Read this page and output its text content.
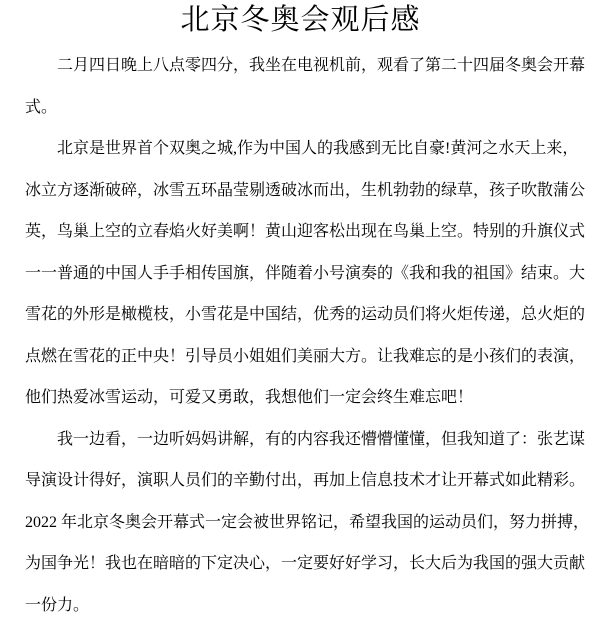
北京冬奥会观后感
二月四日晚上八点零四分，我坐在电视机前，观看了第二十四届冬奥会开幕
式。
北京是世界首个双奥之城,作为中国人的我感到无比自豪!黄河之水天上来，
冰立方逐渐破碎，冰雪五环晶莹剔透破冰而出，生机勃勃的绿草，孩子吹散蒲公
英，鸟巢上空的立春焰火好美啊！黄山迎客松出现在鸟巢上空。特别的升旗仪式
一一普通的中国人手手相传国旗，伴随着小号演奏的《我和我的祖国》结束。大
雪花的外形是橄榄枝，小雪花是中国结，优秀的运动员们将火炬传递，总火炬的
点燃在雪花的正中央！引导员小姐姐们美丽大方。让我难忘的是小孩们的表演，
他们热爱冰雪运动，可爱又勇敢，我想他们一定会终生难忘吧！
我一边看，一边听妈妈讲解，有的内容我还懵懵懂懂，但我知道了：张艺谋
导演设计得好，演职人员们的辛勤付出，再加上信息技术才让开幕式如此精彩。
2022 年北京冬奥会开幕式一定会被世界铭记，希望我国的运动员们，努力拼搏，
为国争光！我也在暗暗的下定决心，一定要好好学习，长大后为我国的强大贡献
一份力。
